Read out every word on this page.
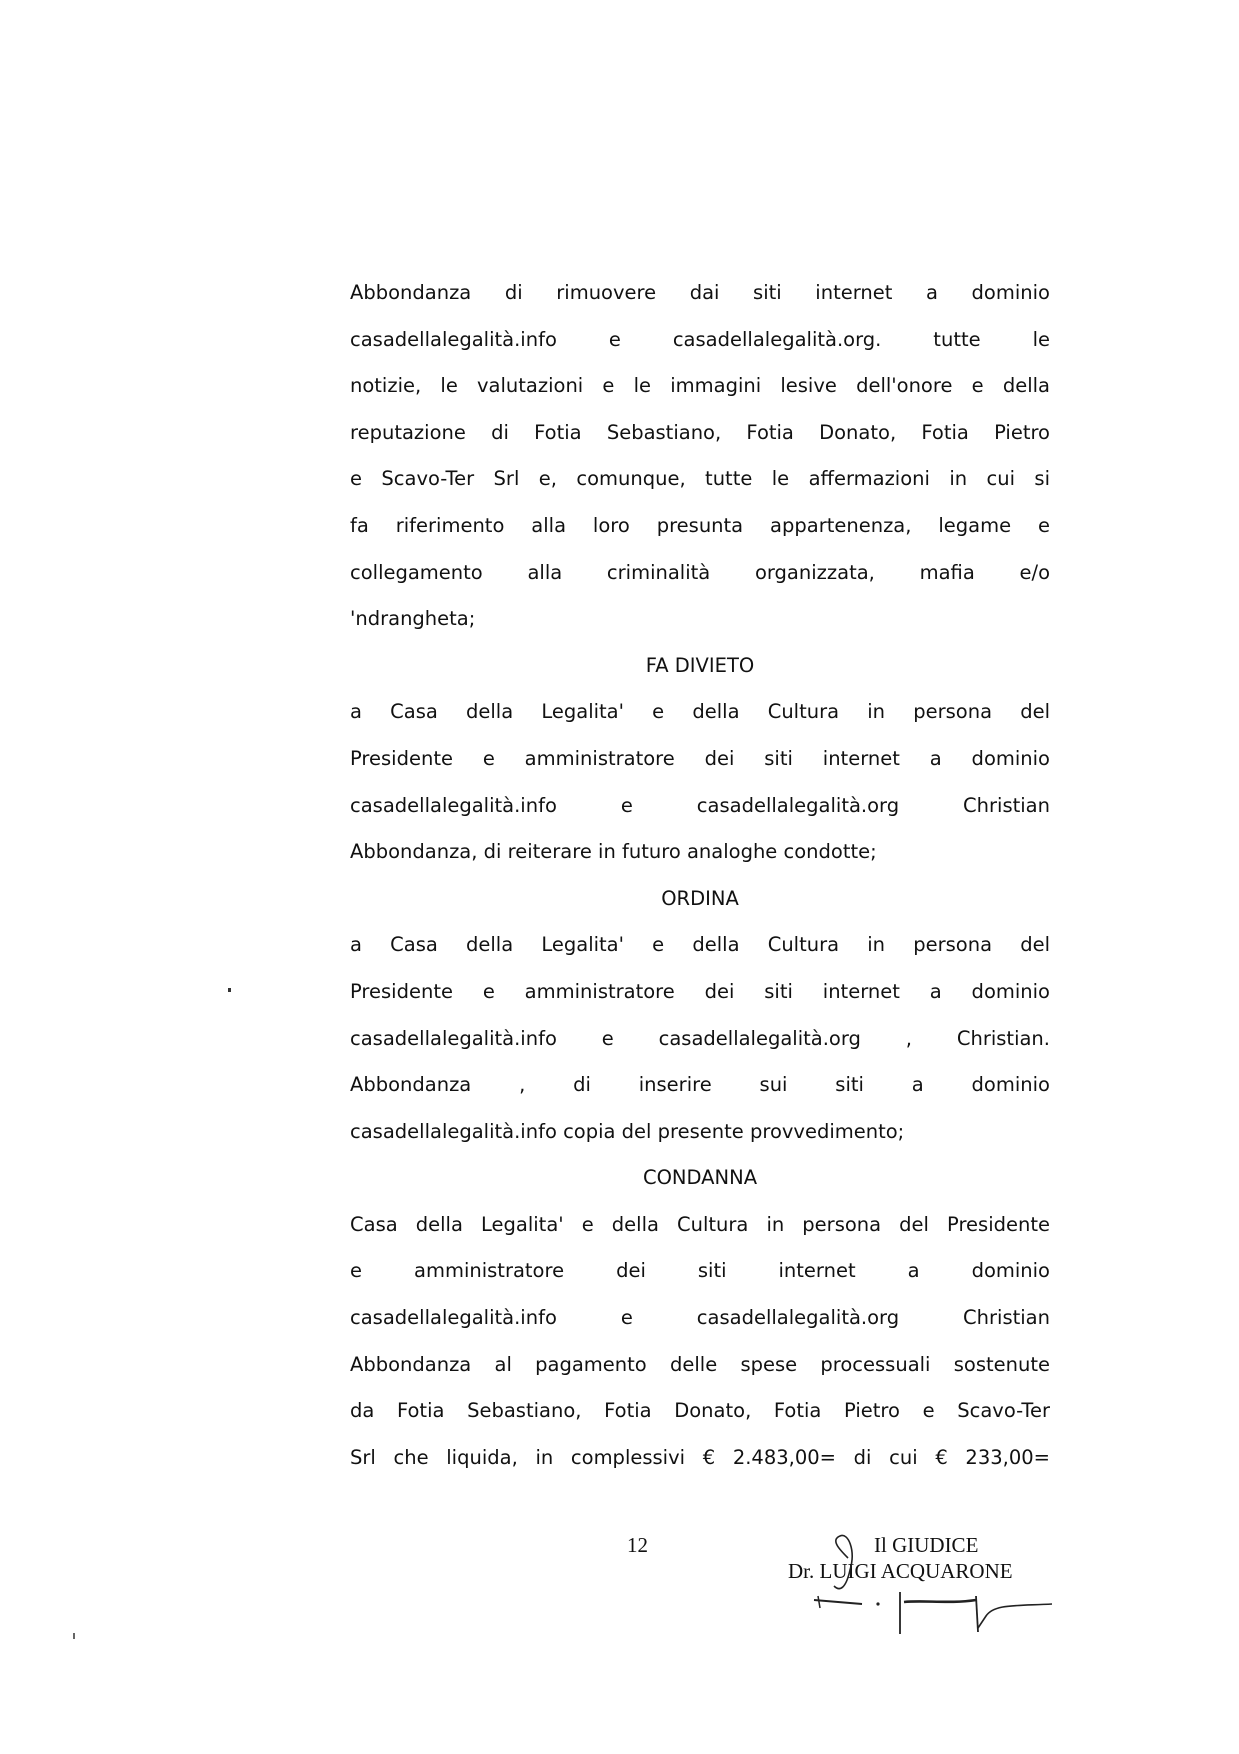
Abbondanza di rimuovere dai siti internet a dominio
casadellalegalità.info e casadellalegalità.org. tutte le
notizie, le valutazioni e le immagini lesive dell'onore e della
reputazione di Fotia Sebastiano, Fotia Donato, Fotia Pietro
e Scavo-Ter Srl e, comunque, tutte le affermazioni in cui si
fa riferimento alla loro presunta appartenenza, legame e
collegamento alla criminalità organizzata, mafia e/o
'ndrangheta;
FA DIVIETO
a Casa della Legalita' e della Cultura in persona del
Presidente e amministratore dei siti internet a dominio
casadellalegalità.info e casadellalegalità.org Christian
Abbondanza, di reiterare in futuro analoghe condotte;
ORDINA
a Casa della Legalita' e della Cultura in persona del
Presidente e amministratore dei siti internet a dominio
casadellalegalità.info e casadellalegalità.org , Christian.
Abbondanza , di inserire sui siti a dominio
casadellalegalità.info copia del presente provvedimento;
CONDANNA
Casa della Legalita' e della Cultura in persona del Presidente
e amministratore dei siti internet a dominio
casadellalegalità.info e casadellalegalità.org Christian
Abbondanza al pagamento delle spese processuali sostenute
da Fotia Sebastiano, Fotia Donato, Fotia Pietro e Scavo-Ter
Srl che liquida, in complessivi € 2.483,00= di cui € 233,00=
12	Il GIUDICE
Dr. LUIGI ACQUARONE
